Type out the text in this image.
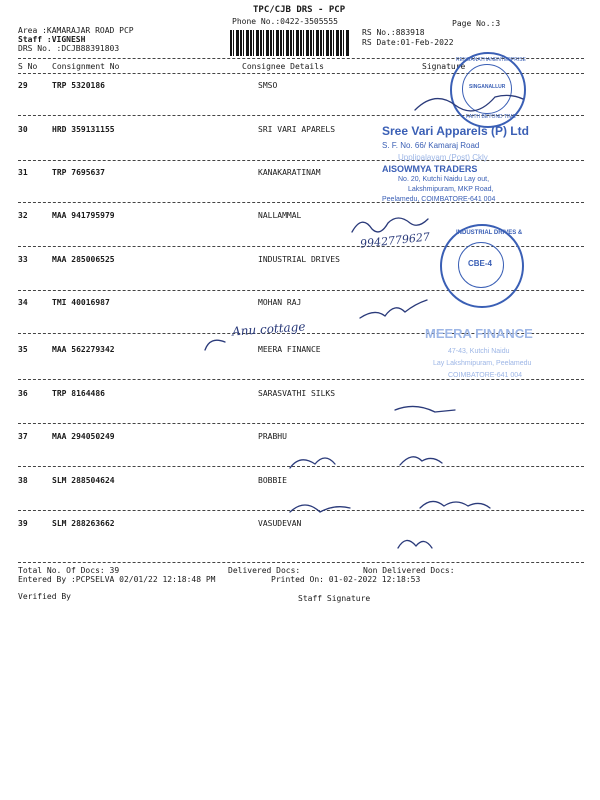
TPC/CJB DRS - PCP
Phone No.:0422-3505555
Area :KAMARAJAR ROAD PCP
Staff :VIGNESH
DRS No. :DCJB88391803
RS No.:883918
RS Date:01-Feb-2022
Page No.:3
S No Consignment No	Consignee Details	Signature
29	TRP 5320186	SMSO
30	HRD 359131155	SRI VARI APARELS
31	TRP 7695637	KANAKARATINAM
32	MAA 941795979	NALLAMMAL
33	MAA 285006525	INDUSTRIAL DRIVES
34	TMI 40016987	MOHAN RAJ
35	MAA 562279342	MEERA FINANCE
36	TRP 8164486	SARASVATHI SILKS
37	MAA 294050249	PRABHU
38	SLM 288504624	BOBBIE
39	SLM 288263662	VASUDEVAN
Total No. Of Docs: 39	Delivered Docs:	Non Delivered Docs:
Entered By :PCPSELVA 02/01/22 12:18:48 PM	Printed On: 01-02-2022 12:18:53
Verified By	Staff Signature
RENGANATHANENTERPRISE
SINGANALLUR
FAITH BEYOND TIME
Sree Vari Apparels (P) Ltd
S. F. No. 66/ Kamaraj Road
Upplipalayam (Post) Ckly
AISOWMYA TRADERS
No. 20, Kutchi Naidu Lay out,
Lakshmipuram, MKP Road,
Peelamedu, COIMBATORE-641 004
INDUSTRIAL DRIVES &
CBE-4
MEERA FINANCE
47-43, Kutchi Naidu
Lay Lakshmipuram, Peelamedu
COIMBATORE-641 004
9942779627
Anu cottage
